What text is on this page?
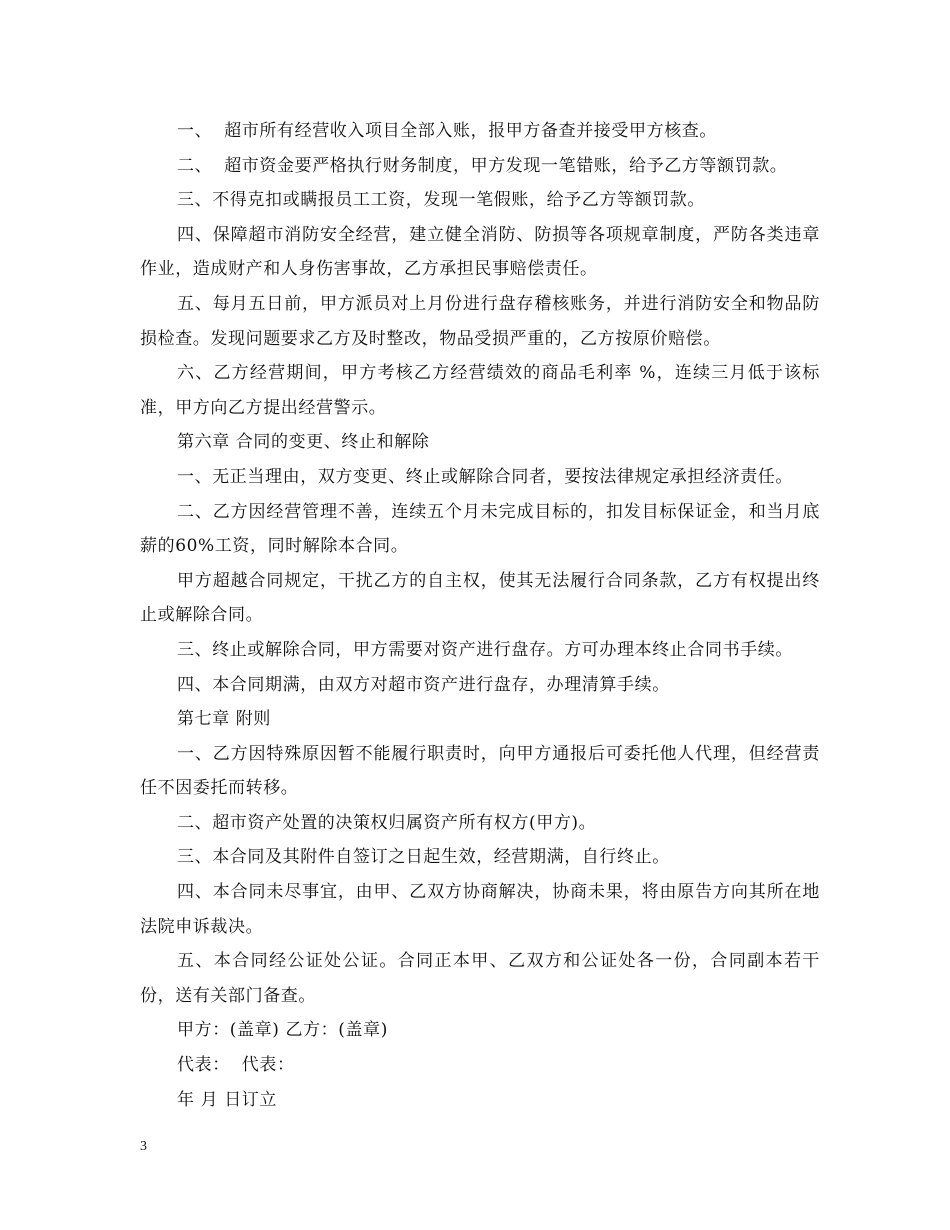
一、  超市所有经营收入项目全部入账，报甲方备查并接受甲方核查。

二、  超市资金要严格执行财务制度，甲方发现一笔错账，给予乙方等额罚款。

三、不得克扣或瞒报员工工资，发现一笔假账，给予乙方等额罚款。

四、保障超市消防安全经营，建立健全消防、防损等各项规章制度，严防各类违章作业，造成财产和人身伤害事故，乙方承担民事赔偿责任。

五、每月五日前，甲方派员对上月份进行盘存稽核账务，并进行消防安全和物品防损检查。发现问题要求乙方及时整改，物品受损严重的，乙方按原价赔偿。

六、乙方经营期间，甲方考核乙方经营绩效的商品毛利率 %，连续三月低于该标准，甲方向乙方提出经营警示。

第六章 合同的变更、终止和解除

一、无正当理由，双方变更、终止或解除合同者，要按法律规定承担经济责任。

二、乙方因经营管理不善，连续五个月未完成目标的，扣发目标保证金，和当月底薪的60%工资，同时解除本合同。

甲方超越合同规定，干扰乙方的自主权，使其无法履行合同条款，乙方有权提出终止或解除合同。

三、终止或解除合同，甲方需要对资产进行盘存。方可办理本终止合同书手续。

四、本合同期满，由双方对超市资产进行盘存，办理清算手续。

第七章 附则

一、乙方因特殊原因暂不能履行职责时，向甲方通报后可委托他人代理，但经营责任不因委托而转移。

二、超市资产处置的决策权归属资产所有权方(甲方)。

三、本合同及其附件自签订之日起生效，经营期满，自行终止。

四、本合同未尽事宜，由甲、乙双方协商解决，协商未果，将由原告方向其所在地法院申诉裁决。

五、本合同经公证处公证。合同正本甲、乙双方和公证处各一份，合同副本若干份，送有关部门备查。

甲方：(盖章) 乙方：(盖章)

代表：  代表：

年 月 日订立

3
